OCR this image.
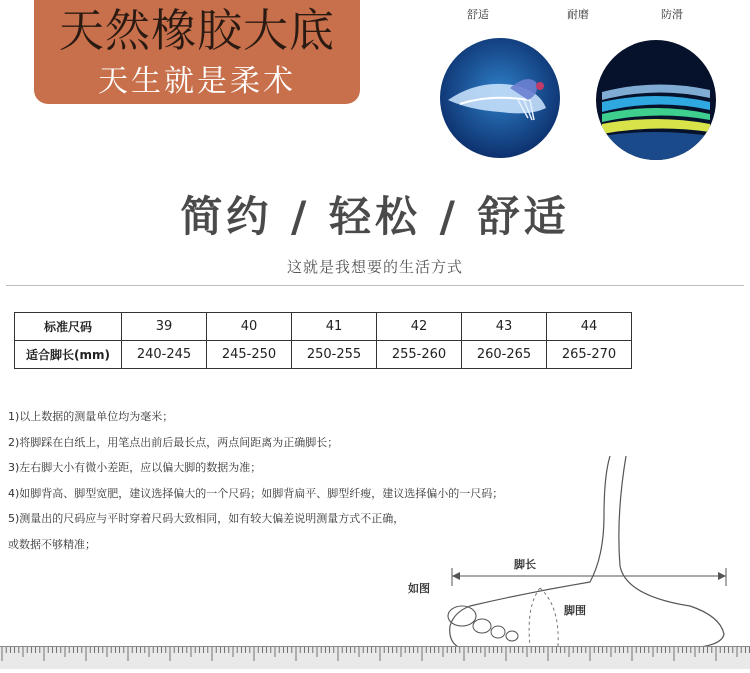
天然橡胶大底
天生就是柔术
舒适	耐磨	防滑
简约 / 轻松 / 舒适
这就是我想要的生活方式
标准尺码	39	40	41	42	43	44
适合脚长(mm)	240-245	245-250	250-255	255-260	260-265	265-270
脚长
脚围
如图
1)以上数据的测量单位均为毫米；
2)将脚踩在白纸上，用笔点出前后最长点，两点间距离为正确脚长；
3)左右脚大小有微小差距，应以偏大脚的数据为准；
4)如脚背高、脚型宽肥，建议选择偏大的一个尺码；如脚背扁平、脚型纤瘦，建议选择偏小的一尺码；
5)测量出的尺码应与平时穿着尺码大致相同，如有较大偏差说明测量方式不正确，
或数据不够精准；
